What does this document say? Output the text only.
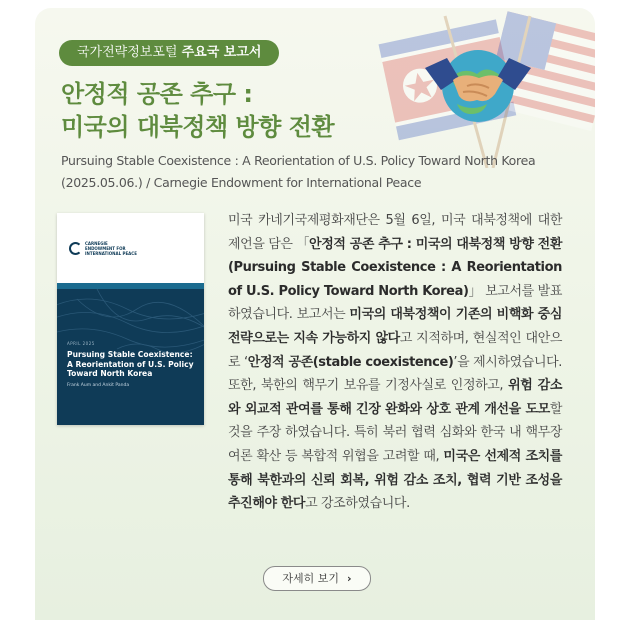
국가전략정보포털 주요국 보고서
안정적 공존 추구 :
미국의 대북정책 방향 전환
Pursuing Stable Coexistence : A Reorientation of U.S. Policy Toward North Korea
(2025.05.06.) / Carnegie Endowment for International Peace
CARNEGIE
ENDOWMENT FOR
INTERNATIONAL PEACE
APRIL 2025
Pursuing Stable Coexistence:
A Reorientation of U.S. Policy
Toward North Korea
Frank Aum and Ankit Panda
미국 카네기국제평화재단은 5월 6일, 미국 대북정책에 대한 제언을 담은 「안정적 공존 추구 : 미국의 대북정책 방향 전환(Pursuing Stable Coexistence : A Reorientation of U.S. Policy Toward North Korea)」 보고서를 발표하였습니다. 보고서는 미국의 대북정책이 기존의 비핵화 중심 전략으로는 지속 가능하지 않다고 지적하며, 현실적인 대안으로 ‘안정적 공존(stable coexistence)’을 제시하였습니다. 또한, 북한의 핵무기 보유를 기정사실로 인정하고, 위험 감소와 외교적 관여를 통해 긴장 완화와 상호 관계 개선을 도모할 것을 주장 하였습니다. 특히 북러 협력 심화와 한국 내 핵무장 여론 확산 등 복합적 위협을 고려할 때, 미국은 선제적 조치를 통해 북한과의 신뢰 회복, 위험 감소 조치, 협력 기반 조성을 추진해야 한다고 강조하였습니다.
자세히 보기 ›
